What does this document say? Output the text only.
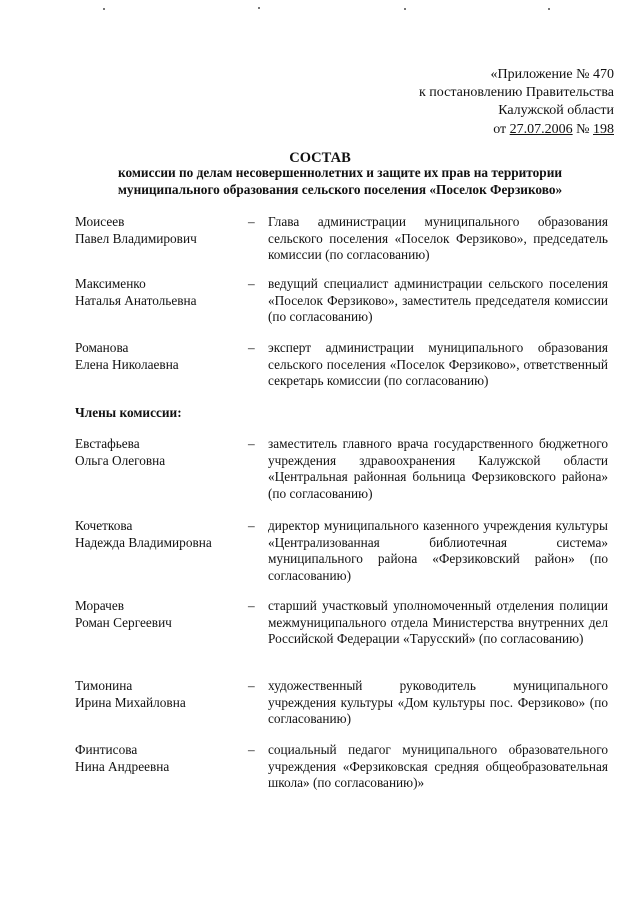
«Приложение № 470
к постановлению Правительства
Калужской области
от 27.07.2006 № 198
СОСТАВ
комиссии по делам несовершеннолетних и защите их прав на территории
муниципального образования сельского поселения «Поселок Ферзиково»
Моисеев
Павел Владимирович
– Глава администрации муниципального образования сельского поселения «Поселок Ферзиково», председатель комиссии (по согласованию)
Максименко
Наталья Анатольевна
– ведущий специалист администрации сельского поселения «Поселок Ферзиково», заместитель председателя комиссии (по согласованию)
Романова
Елена Николаевна
– эксперт администрации муниципального образования сельского поселения «Поселок Ферзиково», ответственный секретарь комиссии (по согласованию)
Члены комиссии:
Евстафьева
Ольга Олеговна
– заместитель главного врача государственного бюджетного учреждения здравоохранения Калужской области «Центральная районная больница Ферзиковского района» (по согласованию)
Кочеткова
Надежда Владимировна
– директор муниципального казенного учреждения культуры «Централизованная библиотечная система» муниципального района «Ферзиковский район» (по согласованию)
Морачев
Роман Сергеевич
– старший участковый уполномоченный отделения полиции межмуниципального отдела Министерства внутренних дел Российской Федерации «Тарусский» (по согласованию)
Тимонина
Ирина Михайловна
– художественный руководитель муниципального учреждения культуры «Дом культуры пос. Ферзиково» (по согласованию)
Финтисова
Нина Андреевна
– социальный педагог муниципального образовательного учреждения «Ферзиковская средняя общеобразовательная школа» (по согласованию)»
